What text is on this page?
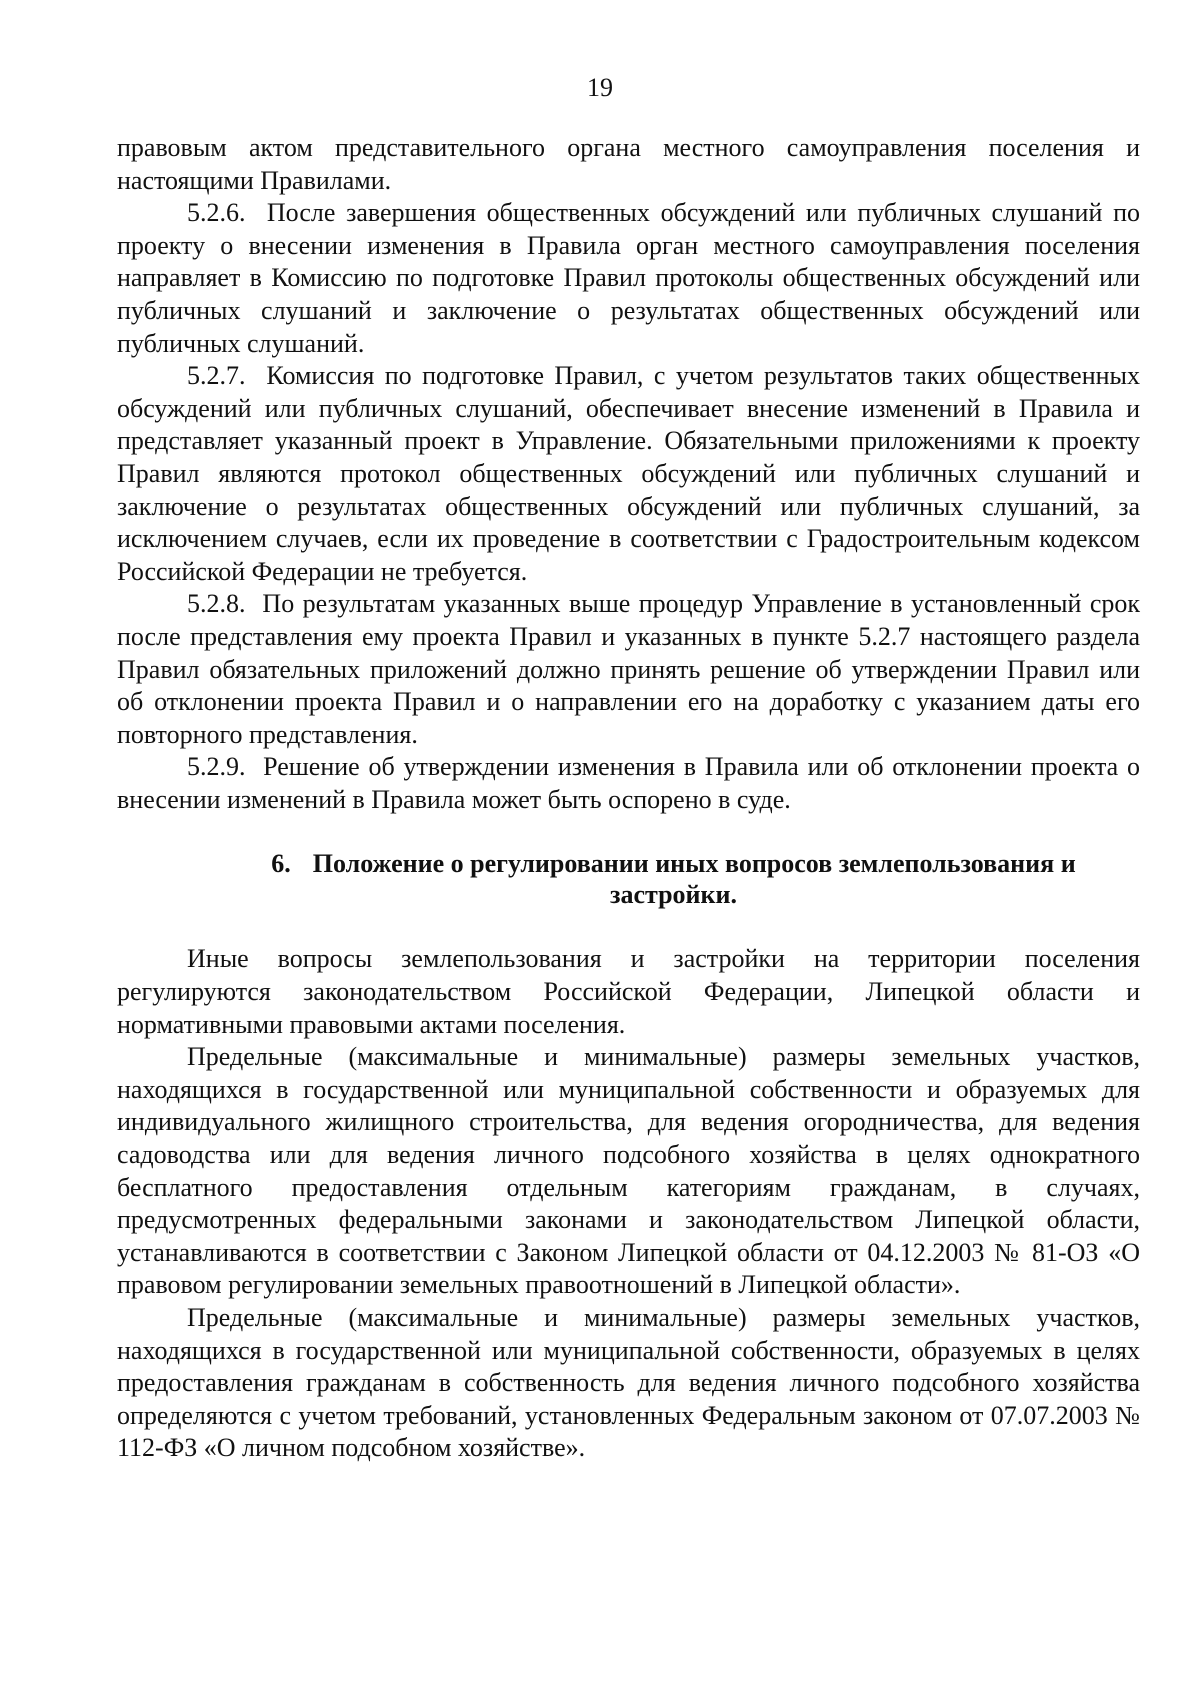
19

правовым актом представительного органа местного самоуправления поселения и настоящими Правилами.

5.2.6.  После завершения общественных обсуждений или публичных слушаний по проекту о внесении изменения в Правила орган местного самоуправления поселения направляет в Комиссию по подготовке Правил протоколы общественных обсуждений или публичных слушаний и заключение о результатах общественных обсуждений или публичных слушаний.

5.2.7.  Комиссия по подготовке Правил, с учетом результатов таких общественных обсуждений или публичных слушаний, обеспечивает внесение изменений в Правила и представляет указанный проект в Управление. Обязательными приложениями к проекту Правил являются протокол общественных обсуждений или публичных слушаний и заключение о результатах общественных обсуждений или публичных слушаний, за исключением случаев, если их проведение в соответствии с Градостроительным кодексом Российской Федерации не требуется.

5.2.8.  По результатам указанных выше процедур Управление в установленный срок после представления ему проекта Правил и указанных в пункте 5.2.7 настоящего раздела Правил обязательных приложений должно принять решение об утверждении Правил или об отклонении проекта Правил и о направлении его на доработку с указанием даты его повторного представления.

5.2.9.  Решение об утверждении изменения в Правила или об отклонении проекта о внесении изменений в Правила может быть оспорено в суде.

6. Положение о регулировании иных вопросов землепользования и застройки.

Иные вопросы землепользования и застройки на территории поселения регулируются законодательством Российской Федерации, Липецкой области и нормативными правовыми актами поселения.

Предельные (максимальные и минимальные) размеры земельных участков, находящихся в государственной или муниципальной собственности и образуемых для индивидуального жилищного строительства, для ведения огородничества, для ведения садоводства или для ведения личного подсобного хозяйства в целях однократного бесплатного предоставления отдельным категориям гражданам, в случаях, предусмотренных федеральными законами и законодательством Липецкой области, устанавливаются в соответствии с Законом Липецкой области от 04.12.2003 № 81-ОЗ «О правовом регулировании земельных правоотношений в Липецкой области».

Предельные (максимальные и минимальные) размеры земельных участков, находящихся в государственной или муниципальной собственности, образуемых в целях предоставления гражданам в собственность для ведения личного подсобного хозяйства определяются с учетом требований, установленных Федеральным законом от 07.07.2003 № 112-ФЗ «О личном подсобном хозяйстве».
